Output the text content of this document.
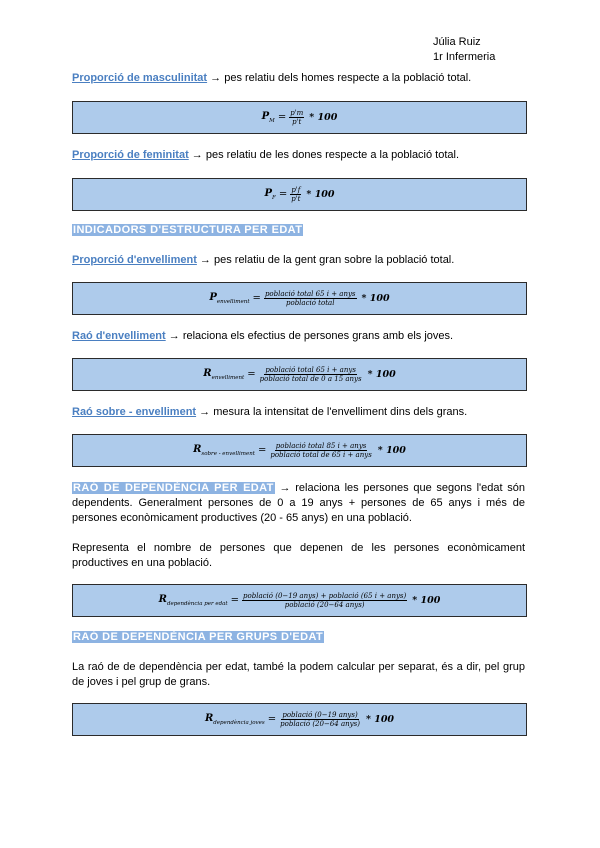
Júlia Ruiz
1r Infermeria
Proporció de masculinitat → pes relatiu dels homes respecte a la població total.
$P_M = \frac{p'm}{p't} * 100$
Proporció de feminitat → pes relatiu de les dones respecte a la població total.
$P_F = \frac{p'f}{p't} * 100$
INDICADORS D'ESTRUCTURA PER EDAT
Proporció d'envelliment → pes relatiu de la gent gran sobre la població total.
$P_{envelliment} = \frac{\text{població total 65 i + anys}}{\text{població total}} * 100$
Raó d'envelliment → relaciona els efectius de persones grans amb els joves.
$R_{envelliment} = \frac{\text{població total 65 i + anys}}{\text{població total de 0 a 15 anys}} * 100$
Raó sobre - envelliment → mesura la intensitat de l'envelliment dins dels grans.
$R_{sobre - envelliment} = \frac{\text{població total 85 i + anys}}{\text{població total de 65 i + anys}} * 100$
RAÓ DE DEPENDÈNCIA PER EDAT → relaciona les persones que segons l'edat són dependents. Generalment persones de 0 a 19 anys + persones de 65 anys i més de persones econòmicament productives (20 - 65 anys) en una població.
Representa el nombre de persones que depenen de les persones econòmicament productives en una població.
$R_{dependència per edat} = \frac{\text{població (0−19 anys) + població (65 i + anys)}}{\text{població (20−64 anys)}} * 100$
RAÓ DE DEPENDÈNCIA PER GRUPS D'EDAT
La raó de de dependència per edat, també la podem calcular per separat, és a dir, pel grup de joves i pel grup de grans.
$R_{dependència joves} = \frac{\text{població (0−19 anys)}}{\text{població (20−64 anys)}} * 100$
